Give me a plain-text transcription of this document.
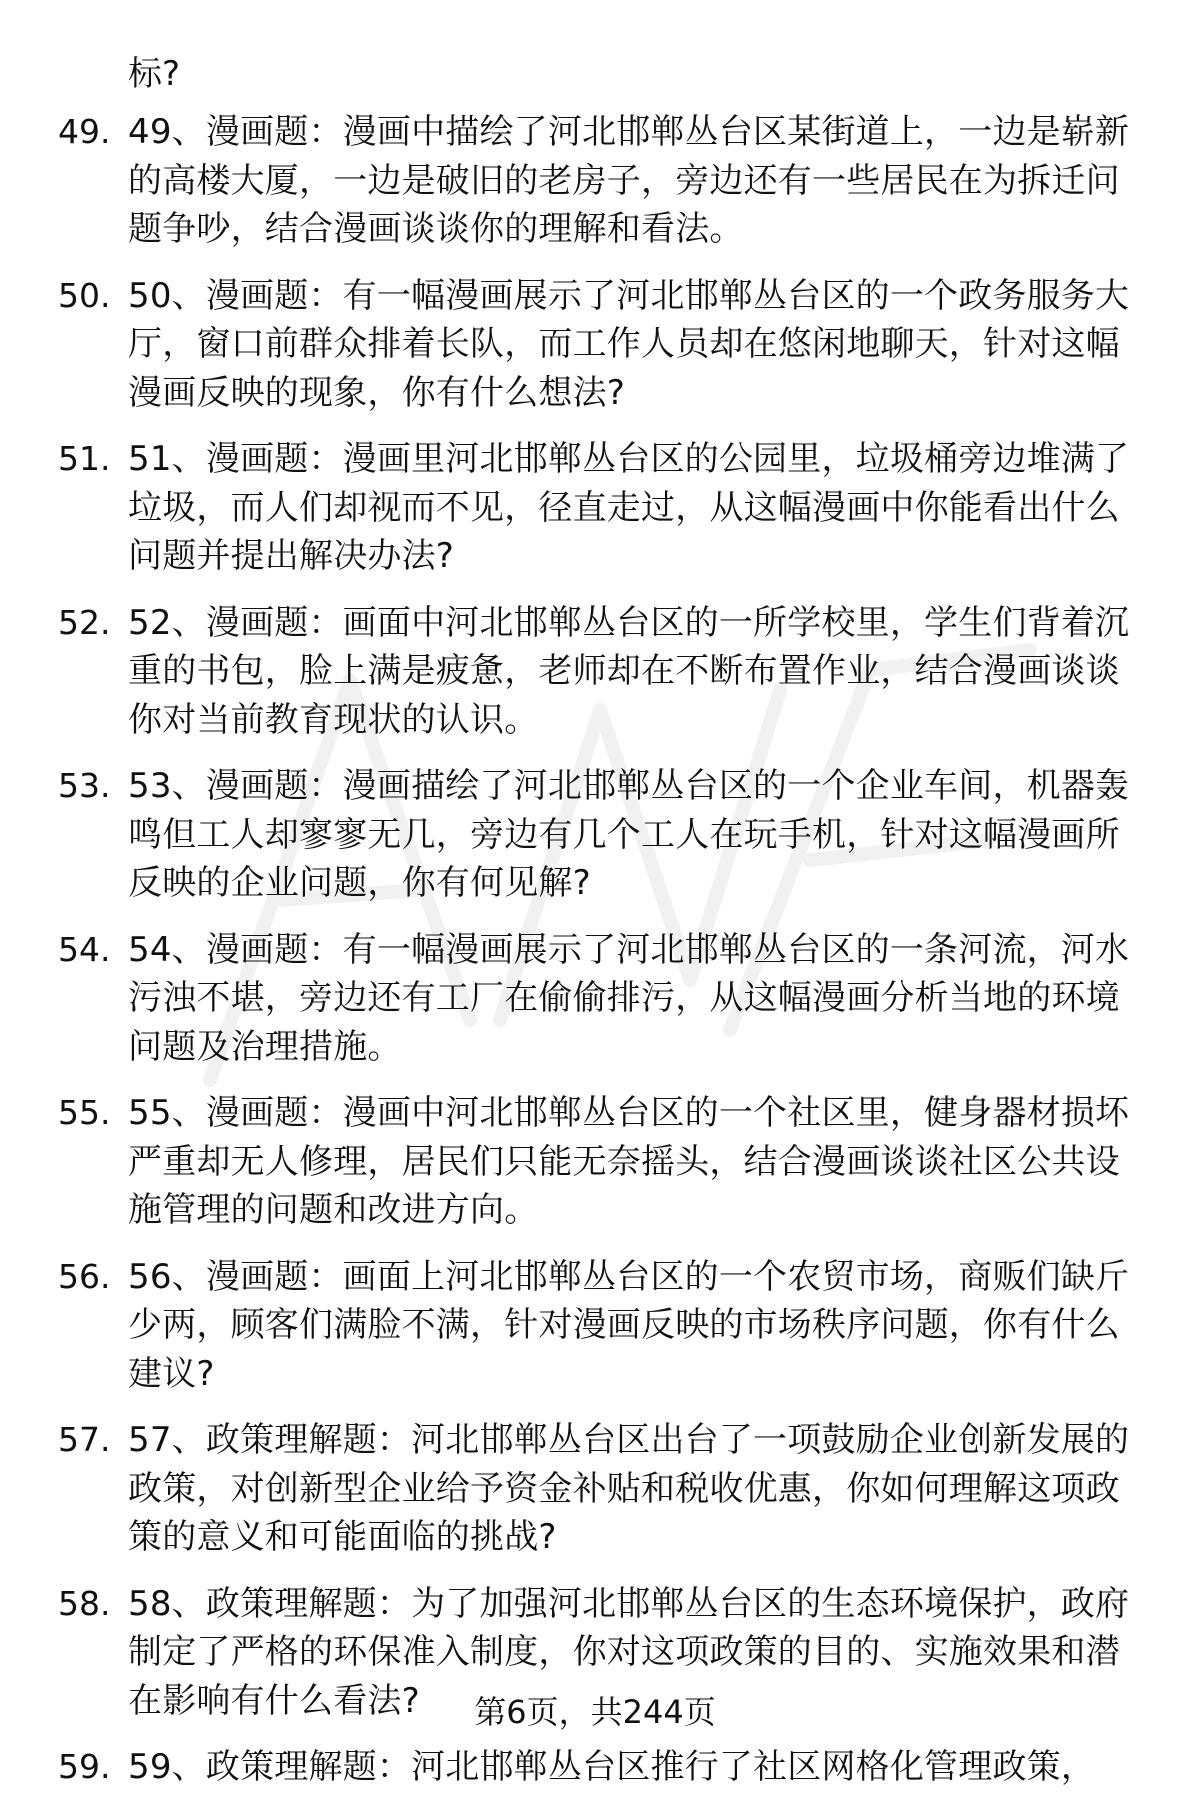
标?
49. 49、漫画题：漫画中描绘了河北邯郸丛台区某街道上，一边是崭新的高楼大厦，一边是破旧的老房子，旁边还有一些居民在为拆迁问题争吵，结合漫画谈谈你的理解和看法。
50. 50、漫画题：有一幅漫画展示了河北邯郸丛台区的一个政务服务大厅，窗口前群众排着长队，而工作人员却在悠闲地聊天，针对这幅漫画反映的现象，你有什么想法?
51. 51、漫画题：漫画里河北邯郸丛台区的公园里，垃圾桶旁边堆满了垃圾，而人们却视而不见，径直走过，从这幅漫画中你能看出什么问题并提出解决办法?
52. 52、漫画题：画面中河北邯郸丛台区的一所学校里，学生们背着沉重的书包，脸上满是疲惫，老师却在不断布置作业，结合漫画谈谈你对当前教育现状的认识。
53. 53、漫画题：漫画描绘了河北邯郸丛台区的一个企业车间，机器轰鸣但工人却寥寥无几，旁边有几个工人在玩手机，针对这幅漫画所反映的企业问题，你有何见解?
54. 54、漫画题：有一幅漫画展示了河北邯郸丛台区的一条河流，河水污浊不堪，旁边还有工厂在偷偷排污，从这幅漫画分析当地的环境问题及治理措施。
55. 55、漫画题：漫画中河北邯郸丛台区的一个社区里，健身器材损坏严重却无人修理，居民们只能无奈摇头，结合漫画谈谈社区公共设施管理的问题和改进方向。
56. 56、漫画题：画面上河北邯郸丛台区的一个农贸市场，商贩们缺斤少两，顾客们满脸不满，针对漫画反映的市场秩序问题，你有什么建议?
57. 57、政策理解题：河北邯郸丛台区出台了一项鼓励企业创新发展的政策，对创新型企业给予资金补贴和税收优惠，你如何理解这项政策的意义和可能面临的挑战?
58. 58、政策理解题：为了加强河北邯郸丛台区的生态环境保护，政府制定了严格的环保准入制度，你对这项政策的目的、实施效果和潜在影响有什么看法?
59. 59、政策理解题：河北邯郸丛台区推行了社区网格化管理政策，
第6页，共244页
